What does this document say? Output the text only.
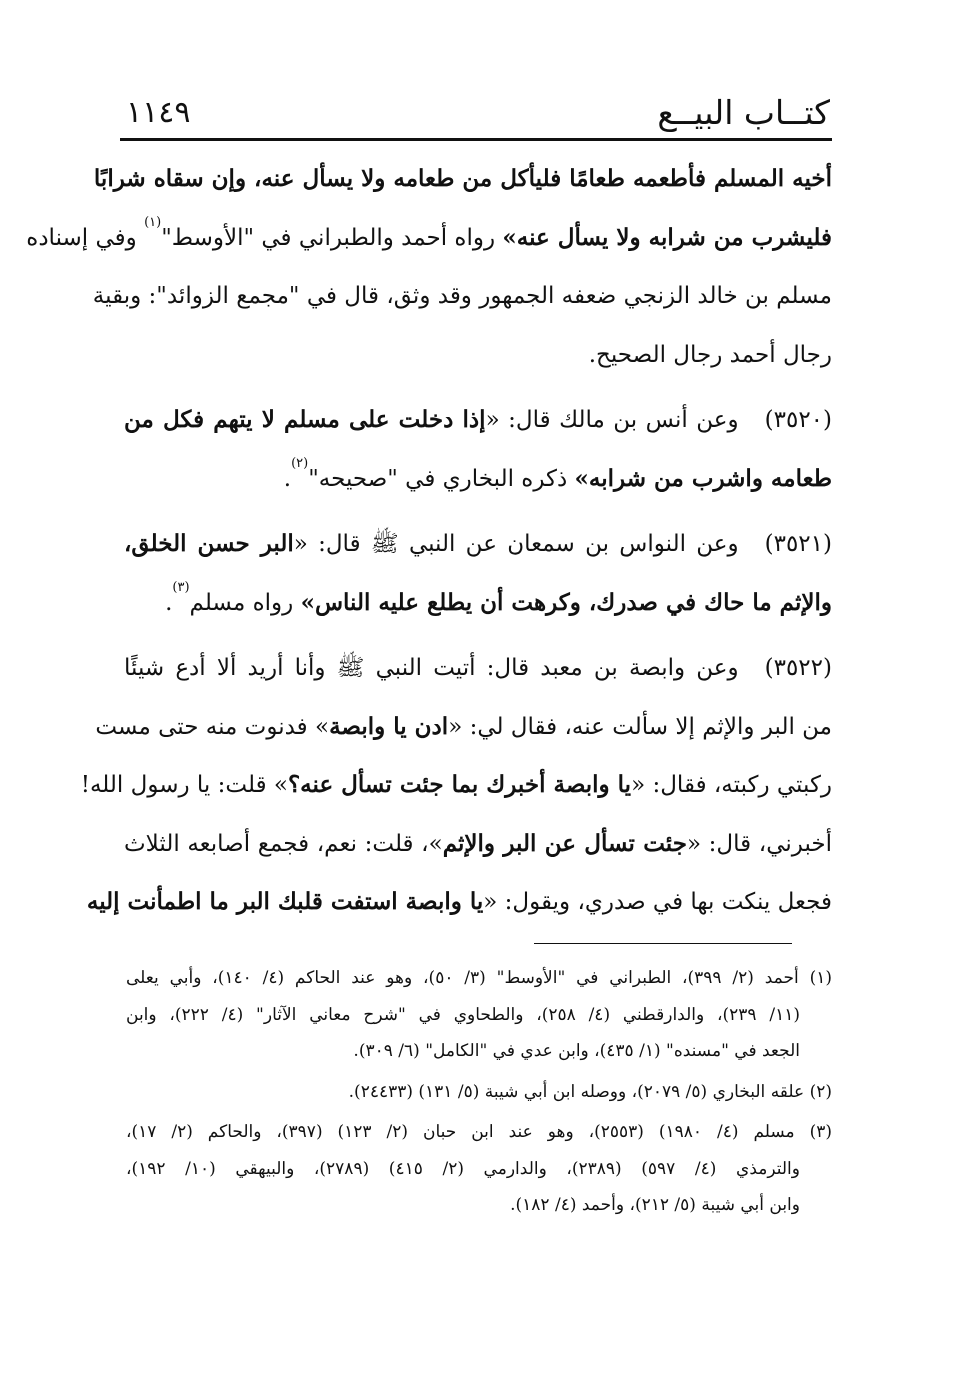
كتــاب البيــع
١١٤٩
أخيه المسلم فأطعمه طعامًا فليأكل من طعامه ولا يسأل عنه، وإن سقاه شرابًا
فليشرب من شرابه ولا يسأل عنه» رواه أحمد والطبراني في "الأوسط"$^{(١)}$ وفي إسناده
مسلم بن خالد الزنجي ضعفه الجمهور وقد وثق، قال في "مجمع الزوائد": وبقية
رجال أحمد رجال الصحيح.
(٣٥٢٠)وعن أنس بن مالك قال: «إذا دخلت على مسلم لا يتهم فكل من
طعامه واشرب من شرابه» ذكره البخاري في "صحيحه"$^{(٢)}$.
(٣٥٢١)وعن النواس بن سمعان عن النبي ﷺ قال: «البر حسن الخلق،
والإثم ما حاك في صدرك، وكرهت أن يطلع عليه الناس» رواه مسلم$^{(٣)}$.
(٣٥٢٢)وعن وابصة بن معبد قال: أتيت النبي ﷺ وأنا أريد ألا أدع شيئًا
من البر والإثم إلا سألت عنه، فقال لي: «ادن يا وابصة» فدنوت منه حتى مست
ركبتي ركبته، فقال: «يا وابصة أخبرك بما جئت تسأل عنه؟» قلت: يا رسول الله!
أخبرني، قال: «جئت تسأل عن البر والإثم»، قلت: نعم، فجمع أصابعه الثلاث
فجعل ينكت بها في صدري، ويقول: «يا وابصة استفت قلبك البر ما اطمأنت إليه
(١) أحمد (٢/ ٣٩٩)، الطبراني في "الأوسط" (٣/ ٥٠)، وهو عند الحاكم (٤/ ١٤٠)، وأبي يعلى
(١١/ ٢٣٩)، والدارقطني (٤/ ٢٥٨)، والطحاوي في "شرح معاني الآثار" (٤/ ٢٢٢)، وابن
الجعد في "مسنده" (١/ ٤٣٥)، وابن عدي في "الكامل" (٦/ ٣٠٩).
(٢) علقه البخاري (٥/ ٢٠٧٩)، ووصله ابن أبي شيبة (٥/ ١٣١) (٢٤٤٣٣).
(٣) مسلم (٤/ ١٩٨٠) (٢٥٥٣)، وهو عند ابن حبان (٢/ ١٢٣) (٣٩٧)، والحاكم (٢/ ١٧)،
والترمذي (٤/ ٥٩٧) (٢٣٨٩)، والدارمي (٢/ ٤١٥) (٢٧٨٩)، والبيهقي (١٠/ ١٩٢)،
وابن أبي شيبة (٥/ ٢١٢)، وأحمد (٤/ ١٨٢).
